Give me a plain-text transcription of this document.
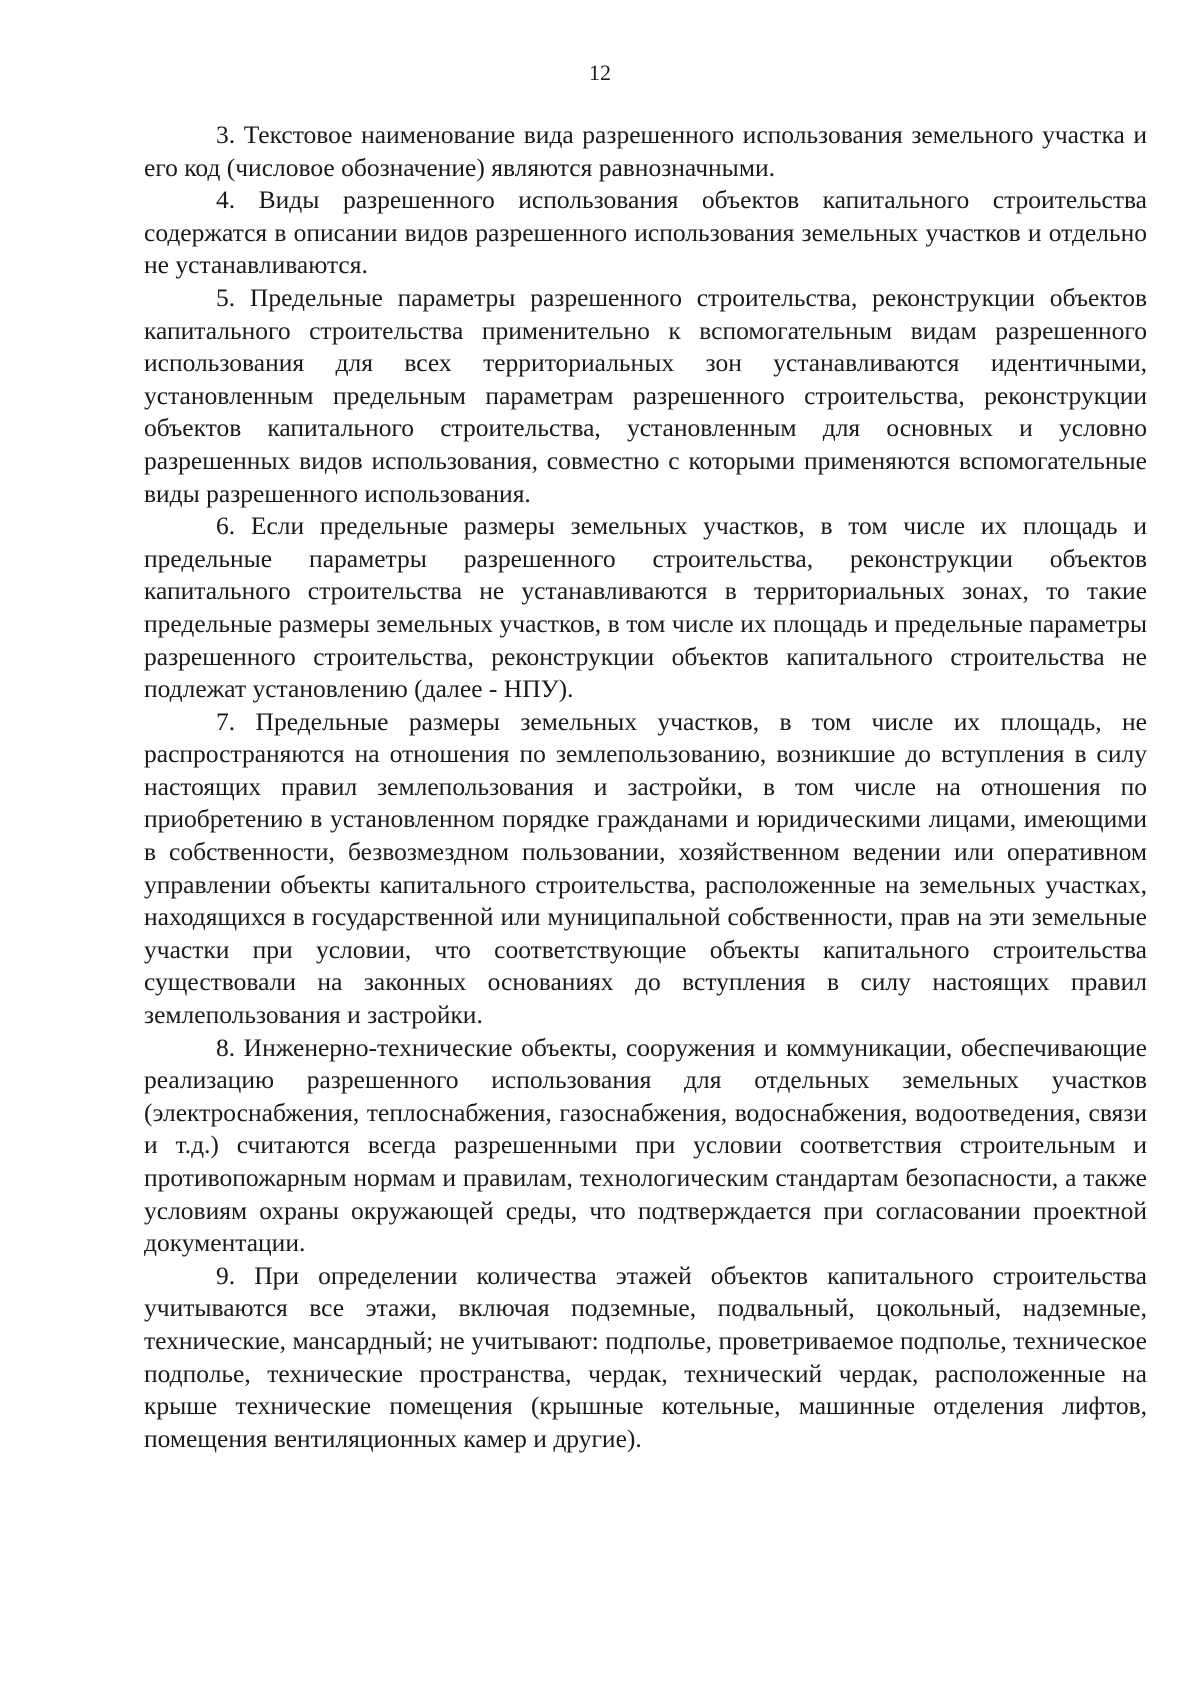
12

3. Текстовое наименование вида разрешенного использования земельного участка и его код (числовое обозначение) являются равнозначными.

4. Виды разрешенного использования объектов капитального строительства содержатся в описании видов разрешенного использования земельных участков и отдельно не устанавливаются.

5. Предельные параметры разрешенного строительства, реконструкции объектов капитального строительства применительно к вспомогательным видам разрешенного использования для всех территориальных зон устанавливаются идентичными, установленным предельным параметрам разрешенного строительства, реконструкции объектов капитального строительства, установленным для основных и условно разрешенных видов использования, совместно с которыми применяются вспомогательные виды разрешенного использования.

6. Если предельные размеры земельных участков, в том числе их площадь и предельные параметры разрешенного строительства, реконструкции объектов капитального строительства не устанавливаются в территориальных зонах, то такие предельные размеры земельных участков, в том числе их площадь и предельные параметры разрешенного строительства, реконструкции объектов капитального строительства не подлежат установлению (далее - НПУ).

7. Предельные размеры земельных участков, в том числе их площадь, не распространяются на отношения по землепользованию, возникшие до вступления в силу настоящих правил землепользования и застройки, в том числе на отношения по приобретению в установленном порядке гражданами и юридическими лицами, имеющими в собственности, безвозмездном пользовании, хозяйственном ведении или оперативном управлении объекты капитального строительства, расположенные на земельных участках, находящихся в государственной или муниципальной собственности, прав на эти земельные участки при условии, что соответствующие объекты капитального строительства существовали на законных основаниях до вступления в силу настоящих правил землепользования и застройки.

8. Инженерно-технические объекты, сооружения и коммуникации, обеспечивающие реализацию разрешенного использования для отдельных земельных участков (электроснабжения, теплоснабжения, газоснабжения, водоснабжения, водоотведения, связи и т.д.) считаются всегда разрешенными при условии соответствия строительным и противопожарным нормам и правилам, технологическим стандартам безопасности, а также условиям охраны окружающей среды, что подтверждается при согласовании проектной документации.

9. При определении количества этажей объектов капитального строительства учитываются все этажи, включая подземные, подвальный, цокольный, надземные, технические, мансардный; не учитывают: подполье, проветриваемое подполье, техническое подполье, технические пространства, чердак, технический чердак, расположенные на крыше технические помещения (крышные котельные, машинные отделения лифтов, помещения вентиляционных камер и другие).
